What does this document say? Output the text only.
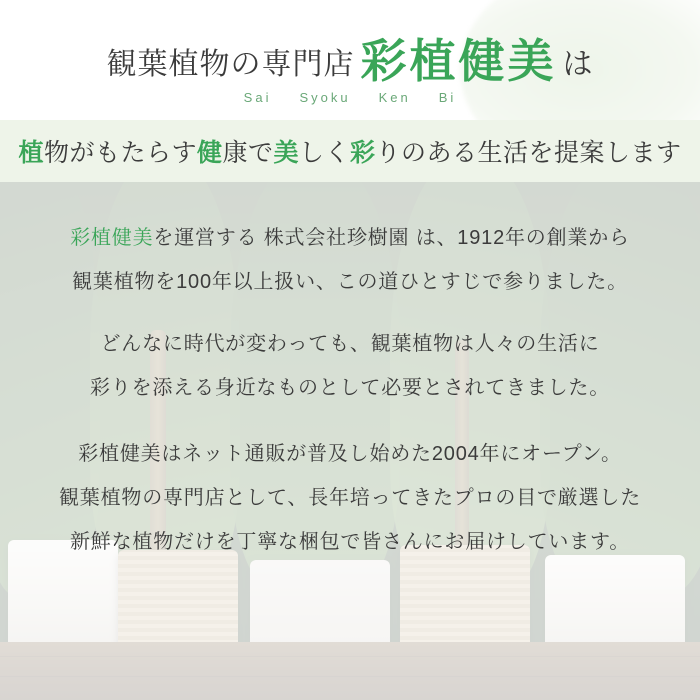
観葉植物の専門店 彩植健美 は
Sai Syoku Ken Bi
植物がもたらす健康で美しく彩りのある生活を提案します
彩植健美を運営する 株式会社珍樹園 は、1912年の創業から
観葉植物を100年以上扱い、この道ひとすじで参りました。
どんなに時代が変わっても、観葉植物は人々の生活に
彩りを添える身近なものとして必要とされてきました。
彩植健美はネット通販が普及し始めた2004年にオープン。
観葉植物の専門店として、長年培ってきたプロの目で厳選した
新鮮な植物だけを丁寧な梱包で皆さんにお届けしています。
